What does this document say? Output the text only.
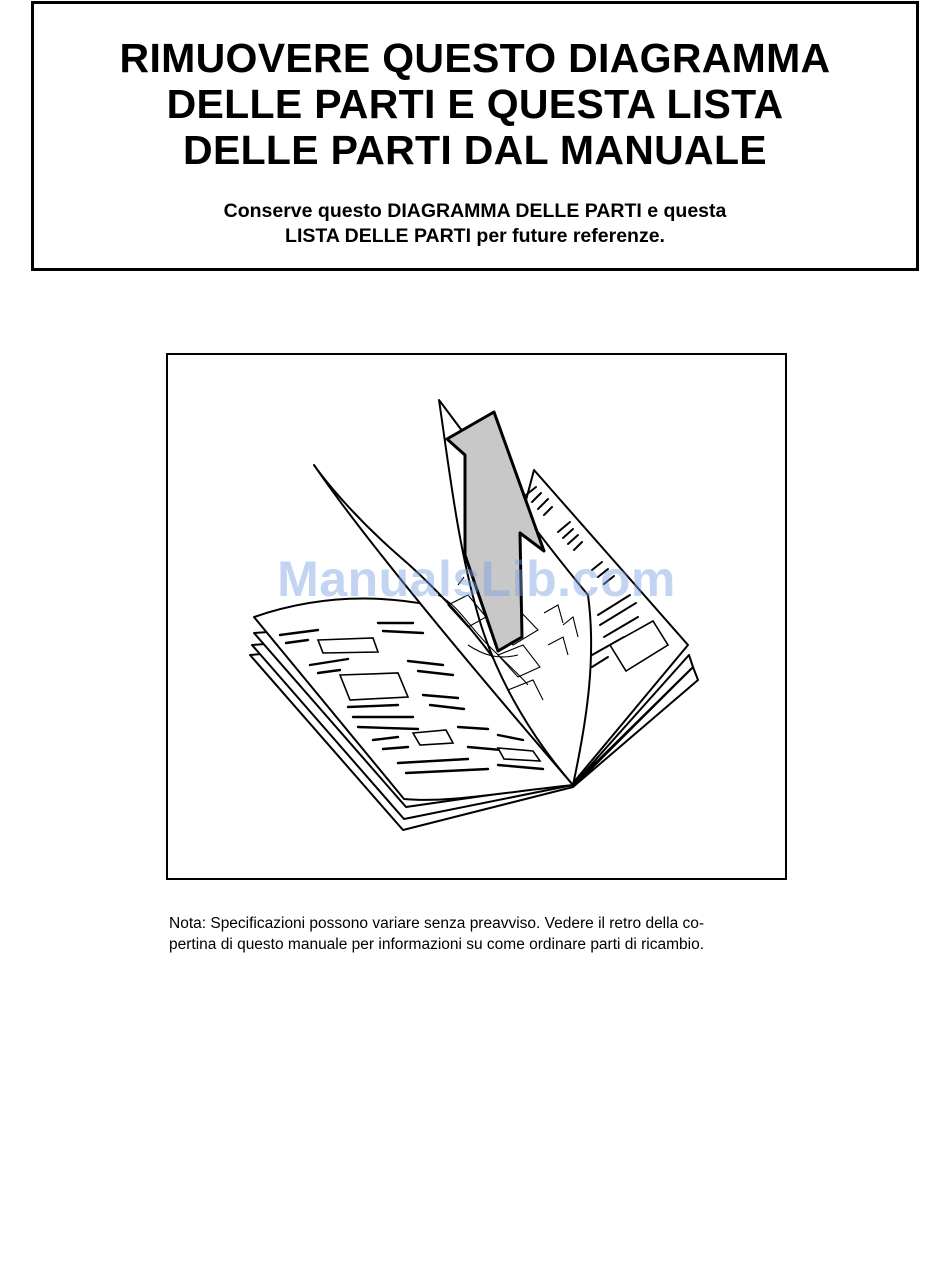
RIMUOVERE QUESTO DIAGRAMMA
DELLE PARTI E QUESTA LISTA
DELLE PARTI DAL MANUALE
Conserve questo DIAGRAMMA DELLE PARTI e questa
LISTA DELLE PARTI per future referenze.
ManualsLib.com
Nota: Specificazioni possono variare senza preavviso. Vedere il retro della co-
pertina di questo manuale per informazioni su come ordinare parti di ricambio.
